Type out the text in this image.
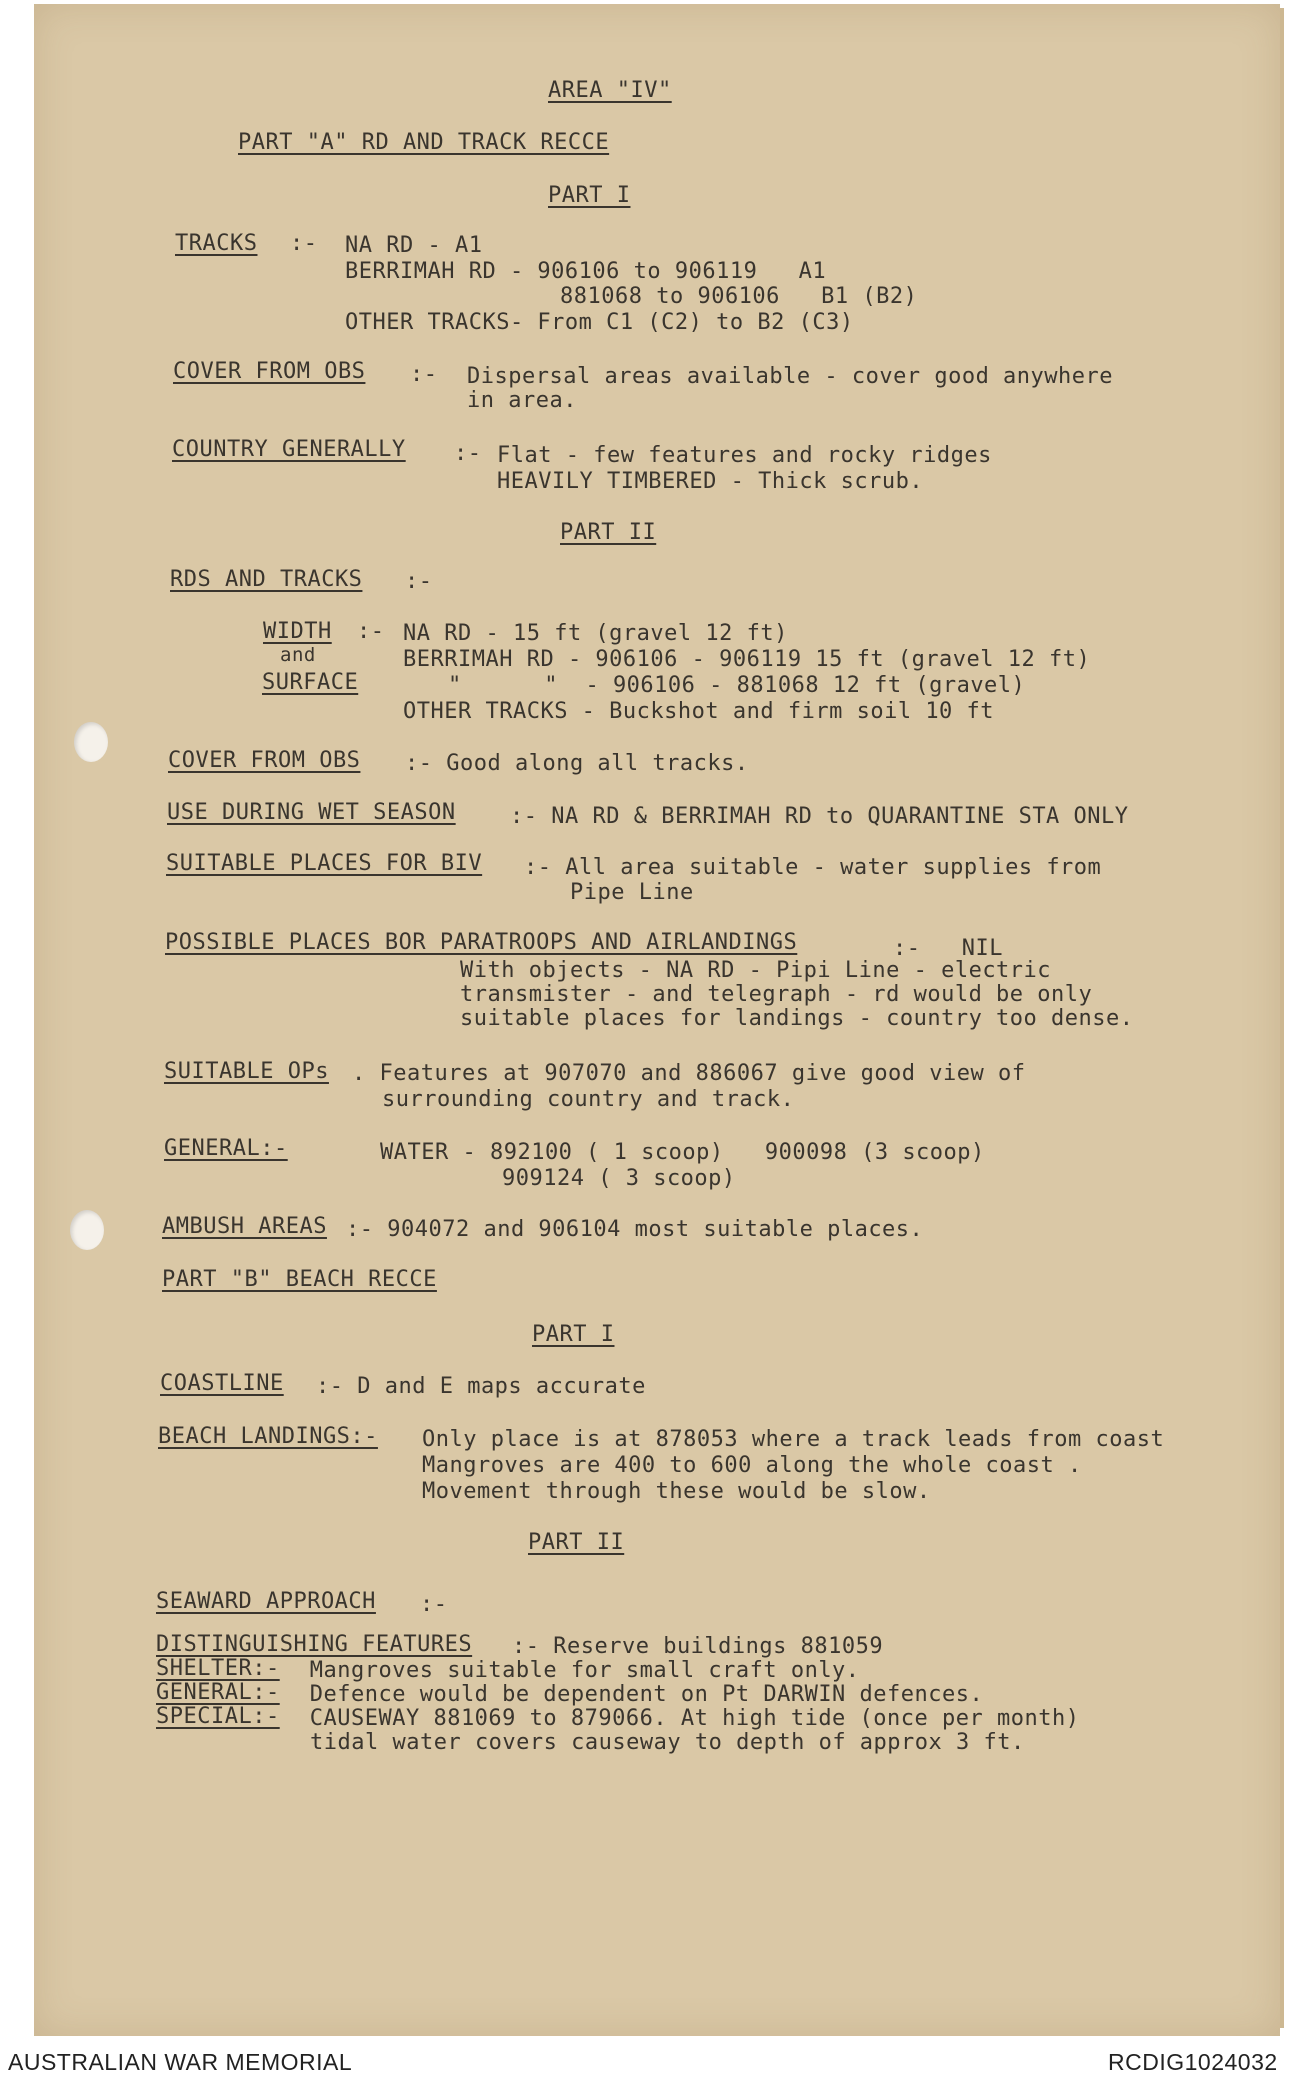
AREA "IV"
PART "A" RD AND TRACK RECCE
PART I
TRACKS :- NA RD - A1
BERRIMAH RD - 906106 to 906119   A1
881068 to 906106   B1 (B2)
OTHER TRACKS- From C1 (C2) to B2 (C3)
COVER FROM OBS :- Dispersal areas available - cover good anywhere
in area.
COUNTRY GENERALLY :- Flat - few features and rocky ridges
HEAVILY TIMBERED - Thick scrub.
PART II
RDS AND TRACKS :-
WIDTH :-
and
SURFACE
NA RD - 15 ft (gravel 12 ft)
BERRIMAH RD - 906106 - 906119 15 ft (gravel 12 ft)
"      "  - 906106 - 881068 12 ft (gravel)
OTHER TRACKS - Buckshot and firm soil 10 ft
COVER FROM OBS :- Good along all tracks.
USE DURING WET SEASON :- NA RD & BERRIMAH RD to QUARANTINE STA ONLY
SUITABLE PLACES FOR BIV :- All area suitable - water supplies from
Pipe Line
POSSIBLE PLACES BOR PARATROOPS AND AIRLANDINGS	:-   NIL
With objects - NA RD - Pipi Line - electric
transmister - and telegraph - rd would be only
suitable places for landings - country too dense.
SUITABLE OPs . Features at 907070 and 886067 give good view of
surrounding country and track.
GENERAL:-	WATER - 892100 ( 1 scoop)   900098 (3 scoop)
909124 ( 3 scoop)
AMBUSH AREAS :- 904072 and 906104 most suitable places.
PART "B" BEACH RECCE
PART I
COASTLINE :- D and E maps accurate
BEACH LANDINGS:- Only place is at 878053 where a track leads from coast
Mangroves are 400 to 600 along the whole coast .
Movement through these would be slow.
PART II
SEAWARD APPROACH :-
DISTINGUISHING FEATURES :- Reserve buildings 881059
SHELTER:- Mangroves suitable for small craft only.
GENERAL:- Defence would be dependent on Pt DARWIN defences.
SPECIAL:- CAUSEWAY 881069 to 879066. At high tide (once per month)
tidal water covers causeway to depth of approx 3 ft.
AUSTRALIAN WAR MEMORIAL	RCDIG1024032
